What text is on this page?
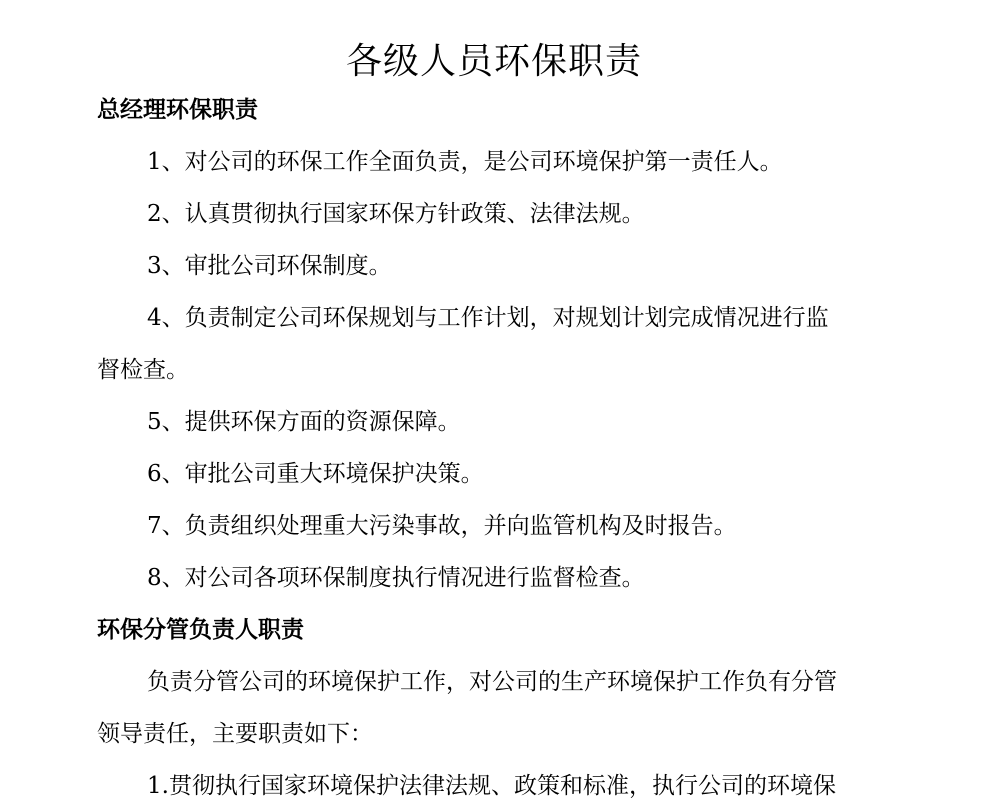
各级人员环保职责
总经理环保职责
1、对公司的环保工作全面负责，是公司环境保护第一责任人。
2、认真贯彻执行国家环保方针政策、法律法规。
3、审批公司环保制度。
4、负责制定公司环保规划与工作计划，对规划计划完成情况进行监
督检查。
5、提供环保方面的资源保障。
6、审批公司重大环境保护决策。
7、负责组织处理重大污染事故，并向监管机构及时报告。
8、对公司各项环保制度执行情况进行监督检查。
环保分管负责人职责
负责分管公司的环境保护工作，对公司的生产环境保护工作负有分管
领导责任，主要职责如下：
1.贯彻执行国家环境保护法律法规、政策和标准，执行公司的环境保
